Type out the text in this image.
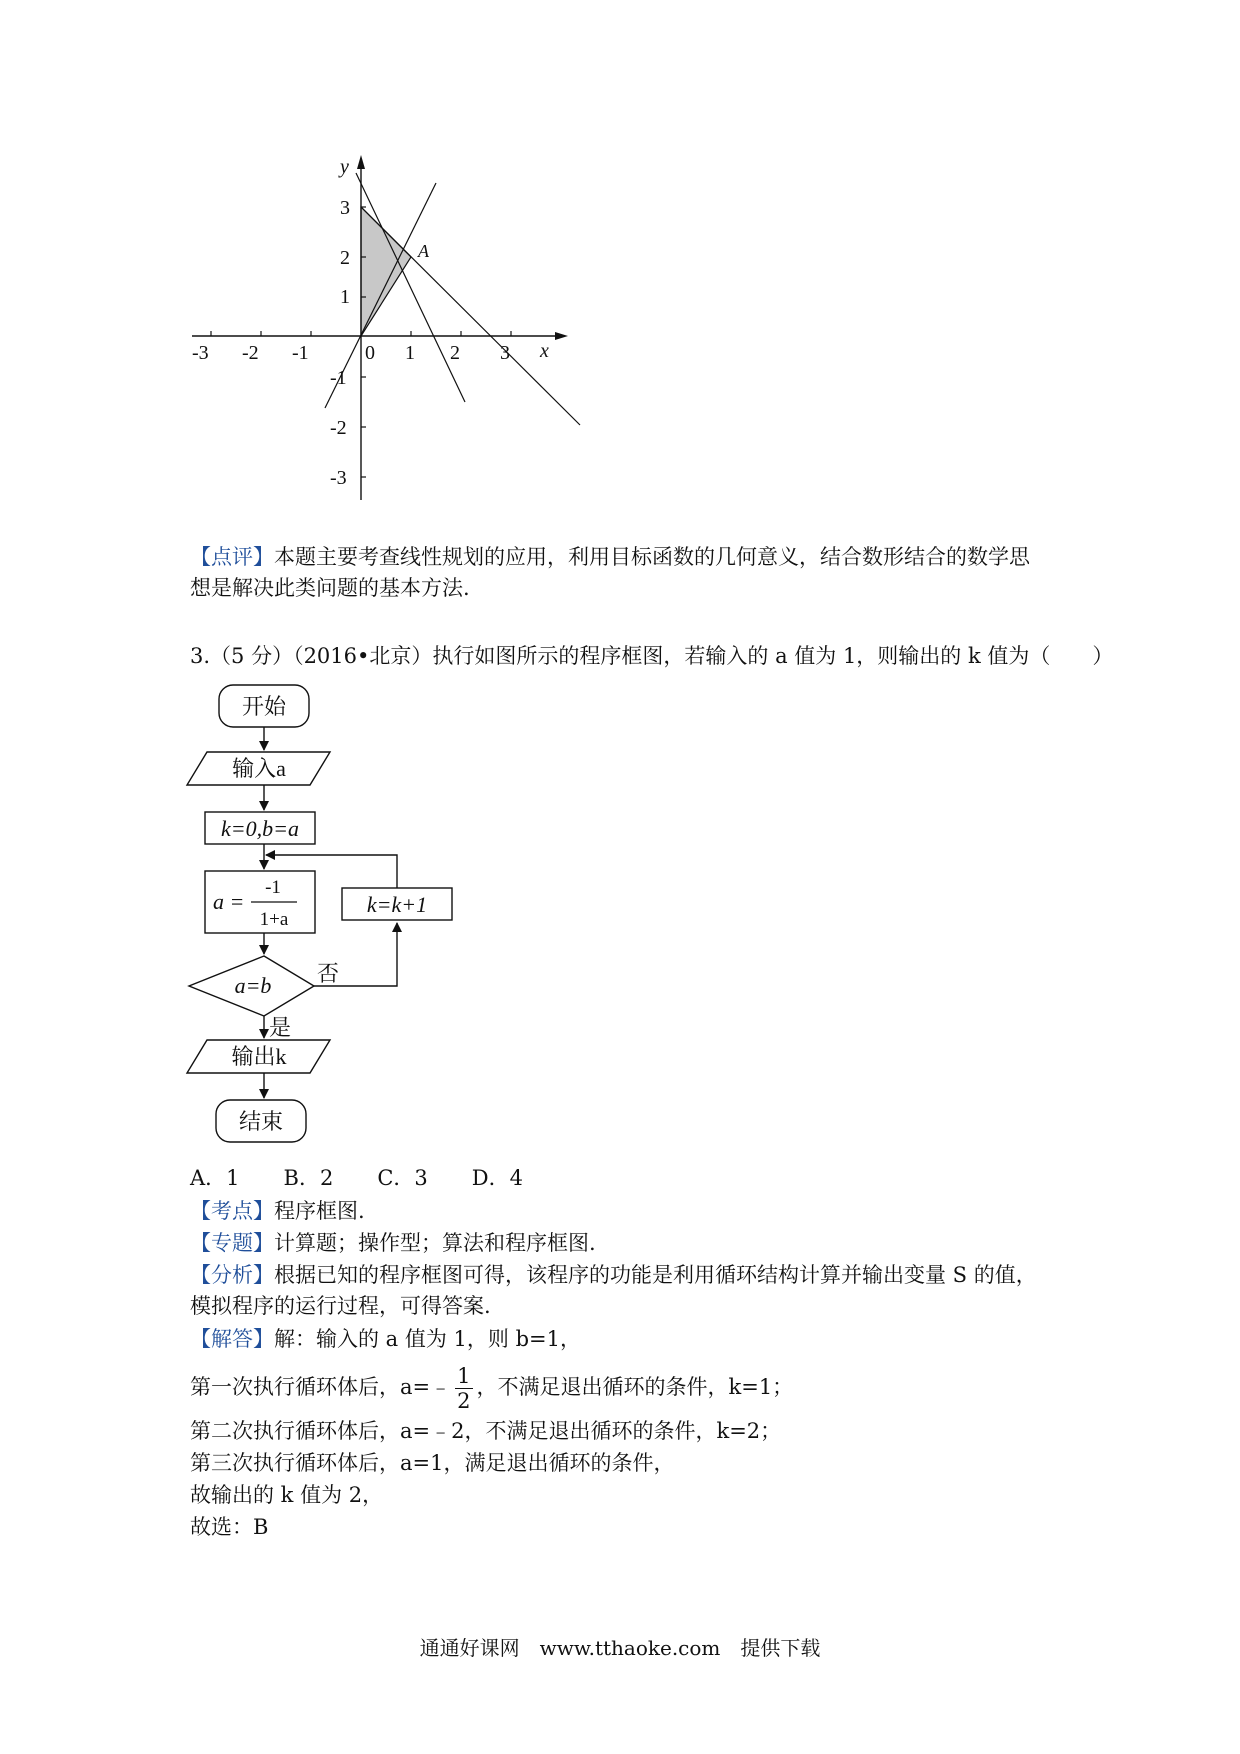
-3 -2 -1	0 1 2 3 x
3
2
1
-1
-2
-3
y
A
【点评】本题主要考查线性规划的应用，利用目标函数的几何意义，结合数形结合的数学思
想是解决此类问题的基本方法.
3.（5 分）（2016•北京）执行如图所示的程序框图，若输入的 a 值为 1，则输出的 k 值为（　　）
开始
输入a
k=0,b=a
a =
-1
1+a
k=k+1
a=b 否
是
输出k
结束
A．1 B．2 C．3 D．4
【考点】程序框图.
【专题】计算题；操作型；算法和程序框图.
【分析】根据已知的程序框图可得，该程序的功能是利用循环结构计算并输出变量 S 的值，
模拟程序的运行过程，可得答案.
【解答】解：输入的 a 值为 1，则 b=1，
第一次执行循环体后，a=﹣ $\frac{1}{2}$ ，不满足退出循环的条件，k=1；
第二次执行循环体后，a=﹣2，不满足退出循环的条件，k=2；
第三次执行循环体后，a=1，满足退出循环的条件，
故输出的 k 值为 2，
故选：B
通通好课网　www.tthaoke.com　提供下载
